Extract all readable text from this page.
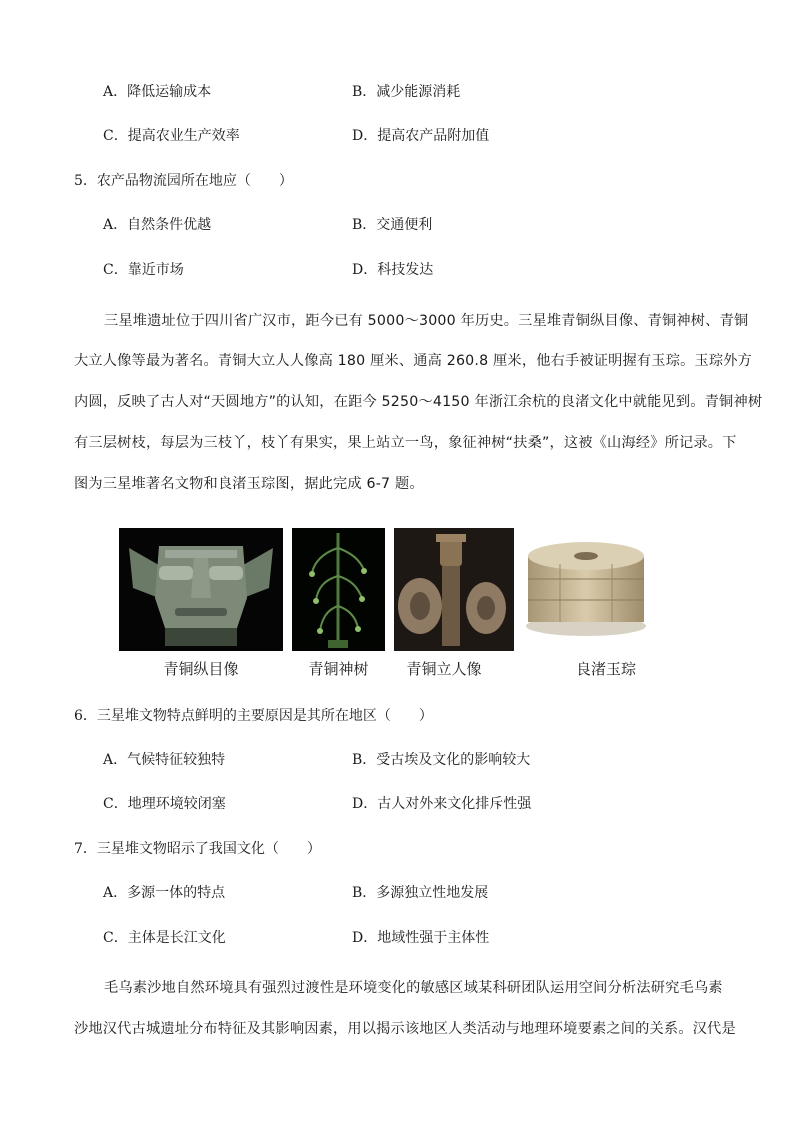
A．降低运输成本	B．减少能源消耗
C．提高农业生产效率	D．提高农产品附加值
5．农产品物流园所在地应（　　）
A．自然条件优越	B．交通便利
C．靠近市场	D．科技发达
三星堆遗址位于四川省广汉市，距今已有 5000～3000 年历史。三星堆青铜纵目像、青铜神树、青铜
大立人像等最为著名。青铜大立人人像高 180 厘米、通高 260.8 厘米，他右手被证明握有玉琮。玉琮外方
内圆，反映了古人对“天圆地方”的认知，在距今 5250～4150 年浙江余杭的良渚文化中就能见到。青铜神树
有三层树枝，每层为三枝丫，枝丫有果实，果上站立一鸟，象征神树“扶桑”，这被《山海经》所记录。下
图为三星堆著名文物和良渚玉琮图，据此完成 6-7 题。
青铜纵目像	青铜神树	青铜立人像	良渚玉琮
6．三星堆文物特点鲜明的主要原因是其所在地区（　　）
A．气候特征较独特	B．受古埃及文化的影响较大
C．地理环境较闭塞	D．古人对外来文化排斥性强
7．三星堆文物昭示了我国文化（　　）
A．多源一体的特点	B．多源独立性地发展
C．主体是长江文化	D．地域性强于主体性
毛乌素沙地自然环境具有强烈过渡性是环境变化的敏感区域某科研团队运用空间分析法研究毛乌素
沙地汉代古城遗址分布特征及其影响因素，用以揭示该地区人类活动与地理环境要素之间的关系。汉代是
